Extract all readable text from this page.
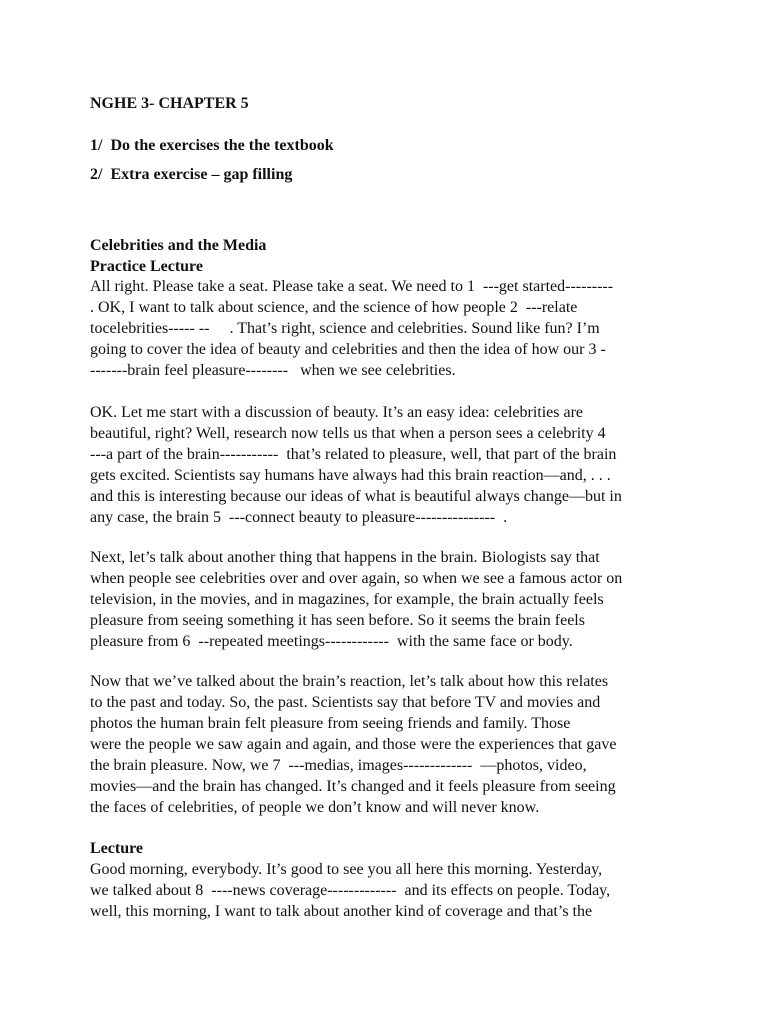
NGHE 3- CHAPTER 5
1/  Do the exercises the the textbook
2/  Extra exercise – gap filling
Celebrities and the Media
Practice Lecture
All right. Please take a seat. Please take a seat. We need to 1  ---get started---------
. OK, I want to talk about science, and the science of how people 2  ---relate
tocelebrities----- --     . That’s right, science and celebrities. Sound like fun? I’m
going to cover the idea of beauty and celebrities and then the idea of how our 3 -
-------brain feel pleasure--------   when we see celebrities.
OK. Let me start with a discussion of beauty. It’s an easy idea: celebrities are
beautiful, right? Well, research now tells us that when a person sees a celebrity 4
---a part of the brain-----------  that’s related to pleasure, well, that part of the brain
gets excited. Scientists say humans have always had this brain reaction—and, . . .
and this is interesting because our ideas of what is beautiful always change—but in
any case, the brain 5  ---connect beauty to pleasure---------------  .
Next, let’s talk about another thing that happens in the brain. Biologists say that
when people see celebrities over and over again, so when we see a famous actor on
television, in the movies, and in magazines, for example, the brain actually feels
pleasure from seeing something it has seen before. So it seems the brain feels
pleasure from 6  --repeated meetings------------  with the same face or body.
Now that we’ve talked about the brain’s reaction, let’s talk about how this relates
to the past and today. So, the past. Scientists say that before TV and movies and
photos the human brain felt pleasure from seeing friends and family. Those
were the people we saw again and again, and those were the experiences that gave
the brain pleasure. Now, we 7  ---medias, images-------------  —photos, video,
movies—and the brain has changed. It’s changed and it feels pleasure from seeing
the faces of celebrities, of people we don’t know and will never know.
Lecture
Good morning, everybody. It’s good to see you all here this morning. Yesterday,
we talked about 8  ----news coverage-------------  and its effects on people. Today,
well, this morning, I want to talk about another kind of coverage and that’s the
